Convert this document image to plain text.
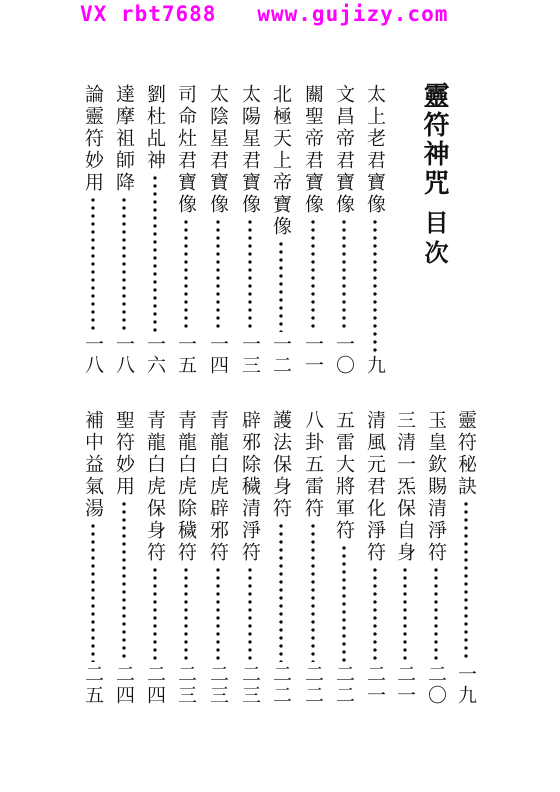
VX rbt7688   www.gujizy.com
靈符神咒
目次
太上老君寶像
九
文昌帝君寶像
一〇
關聖帝君寶像
一一
北極天上帝寶像
一二
太陽星君寶像
一三
太陰星君寶像
一四
司命灶君寶像
一五
劉杜乩神
一六
達摩祖師降
一八
論靈符妙用
一八
靈符秘訣
一九
玉皇欽賜清淨符
二〇
三清一炁保自身
二一
清風元君化淨符
二一
五雷大將軍符
二二
八卦五雷符
二二
護法保身符
二二
辟邪除穢清淨符
二三
青龍白虎辟邪符
二三
青龍白虎除穢符
二三
青龍白虎保身符
二四
聖符妙用
二四
補中益氣湯
二五
